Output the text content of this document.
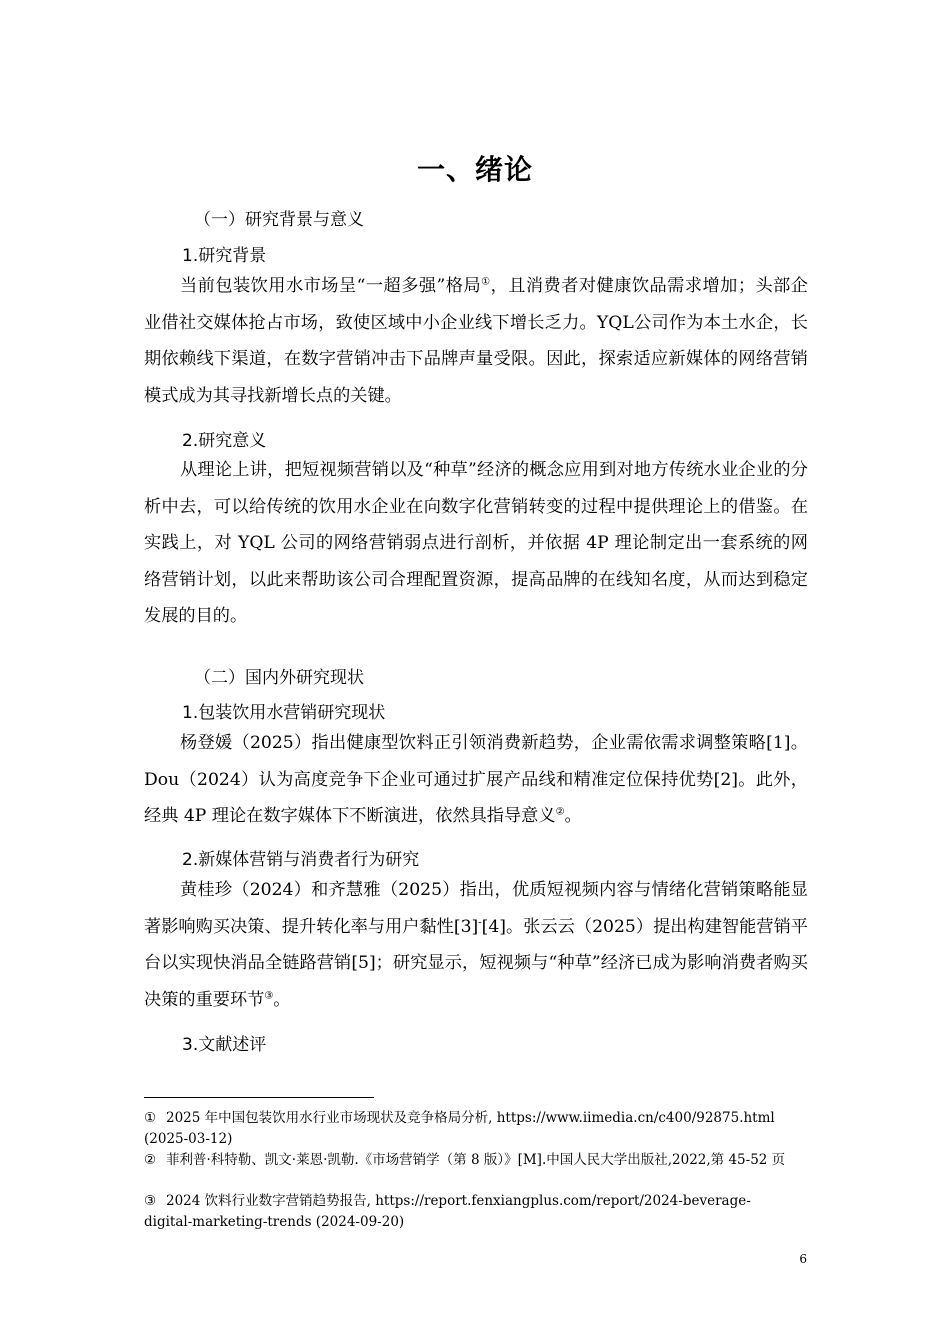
一、绪论
（一）研究背景与意义
1.研究背景

当前包装饮用水市场呈“一超多强”格局①，且消费者对健康饮品需求增加；头部企业借社交媒体抢占市场，致使区域中小企业线下增长乏力。YQL公司作为本土水企，长期依赖线下渠道，在数字营销冲击下品牌声量受限。因此，探索适应新媒体的网络营销模式成为其寻找新增长点的关键。

2.研究意义

从理论上讲，把短视频营销以及“种草”经济的概念应用到对地方传统水业企业的分析中去，可以给传统的饮用水企业在向数字化营销转变的过程中提供理论上的借鉴。在实践上，对 YQL 公司的网络营销弱点进行剖析，并依据 4P 理论制定出一套系统的网络营销计划，以此来帮助该公司合理配置资源，提高品牌的在线知名度，从而达到稳定发展的目的。

（二）国内外研究现状
1.包装饮用水营销研究现状

杨登媛（2025）指出健康型饮料正引领消费新趋势，企业需依需求调整策略[1]。Dou（2024）认为高度竞争下企业可通过扩展产品线和精准定位保持优势[2]。此外，经典 4P 理论在数字媒体下不断演进，依然具指导意义②。

2.新媒体营销与消费者行为研究

黄桂珍（2024）和齐慧雅（2025）指出，优质短视频内容与情绪化营销策略能显著影响购买决策、提升转化率与用户黏性[3]-[4]。张云云（2025）提出构建智能营销平台以实现快消品全链路营销[5]；研究显示，短视频与“种草”经济已成为影响消费者购买决策的重要环节③。

3.文献述评

① 2025 年中国包装饮用水行业市场现状及竞争格局分析, https://www.iimedia.cn/c400/92875.html (2025-03-12)

② 菲利普·科特勒、凯文·莱恩·凯勒.《市场营销学（第 8 版）》[M].中国人民大学出版社,2022,第 45-52 页

③ 2024 饮料行业数字营销趋势报告, https://report.fenxiangplus.com/report/2024-beverage-digital-marketing-trends (2024-09-20)

6
